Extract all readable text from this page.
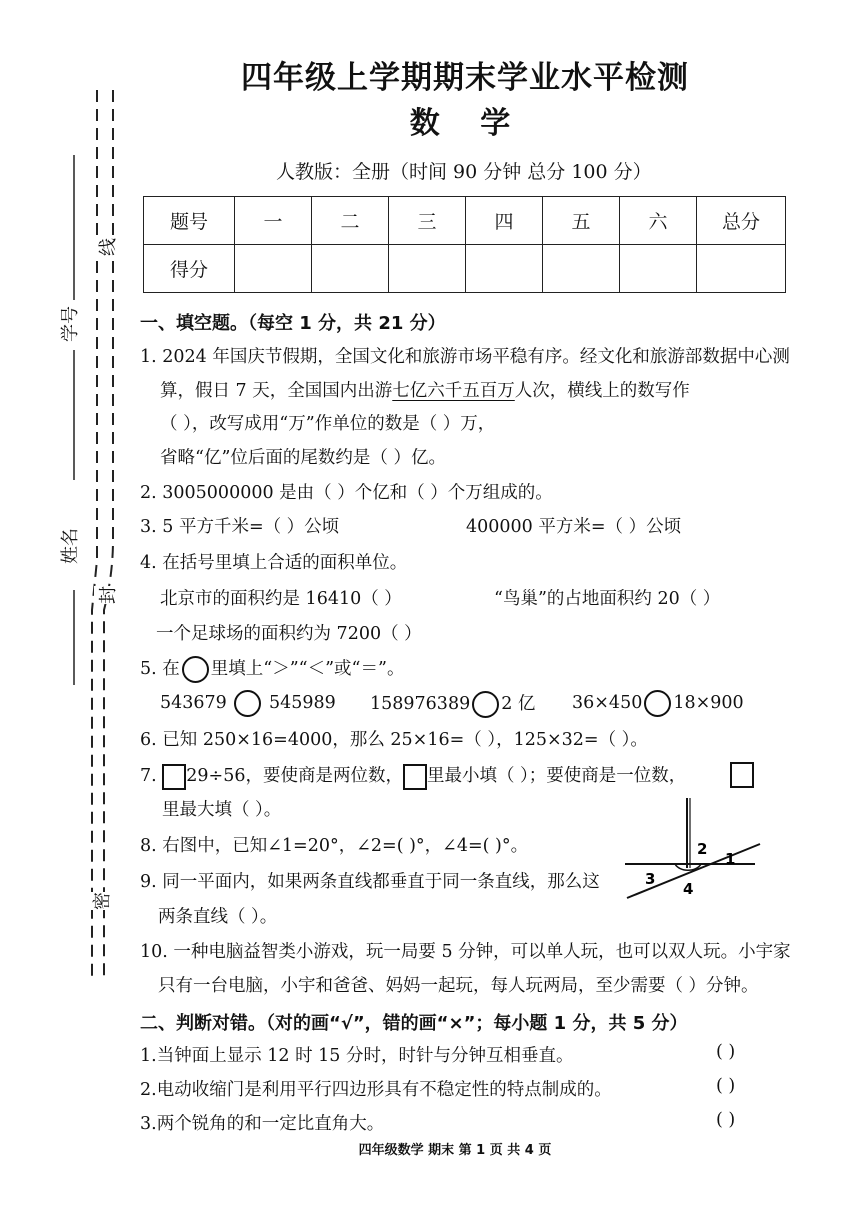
学号
姓名
线
封
密
四年级上学期期末学业水平检测
数 学
人教版：全册（时间 90 分钟 总分 100 分）
题号	一	二	三	四	五	六	总分
得分							
一、填空题。（每空 1 分，共 21 分）
1. 2024 年国庆节假期，全国文化和旅游市场平稳有序。经文化和旅游部数据中心测
算，假日 7 天，全国国内出游七亿六千五百万人次，横线上的数写作
（ ），改写成用“万”作单位的数是（ ）万，
省略“亿”位后面的尾数约是（ ）亿。
2. 3005000000 是由（ ）个亿和（ ）个万组成的。
3. 5 平方千米=（ ）公顷	400000 平方米=（ ）公顷
4. 在括号里填上合适的面积单位。
北京市的面积约是 16410（ ）	“鸟巢”的占地面积约 20（ ）
一个足球场的面积约为 7200（ ）
5. 在 里填上“＞”“＜”或“＝”。
543679 545989 158976389 2 亿 36×450 18×900
6. 已知 250×16=4000，那么 25×16=（ ），125×32=（ ）。
7. 29÷56，要使商是两位数， 里最小填（ ）；要使商是一位数，
里最大填（ ）。
8. 右图中，已知∠1=20°，∠2=( )°，∠4=( )°。
9. 同一平面内，如果两条直线都垂直于同一条直线，那么这
两条直线（ ）。
2
1
3
4
10. 一种电脑益智类小游戏，玩一局要 5 分钟，可以单人玩，也可以双人玩。小宇家
只有一台电脑，小宇和爸爸、妈妈一起玩，每人玩两局，至少需要（ ）分钟。
二、判断对错。（对的画“√”，错的画“×”；每小题 1 分，共 5 分）
1.当钟面上显示 12 时 15 分时，时针与分钟互相垂直。	( )
2.电动收缩门是利用平行四边形具有不稳定性的特点制成的。	( )
3.两个锐角的和一定比直角大。	( )
四年级数学 期末 第 1 页 共 4 页
